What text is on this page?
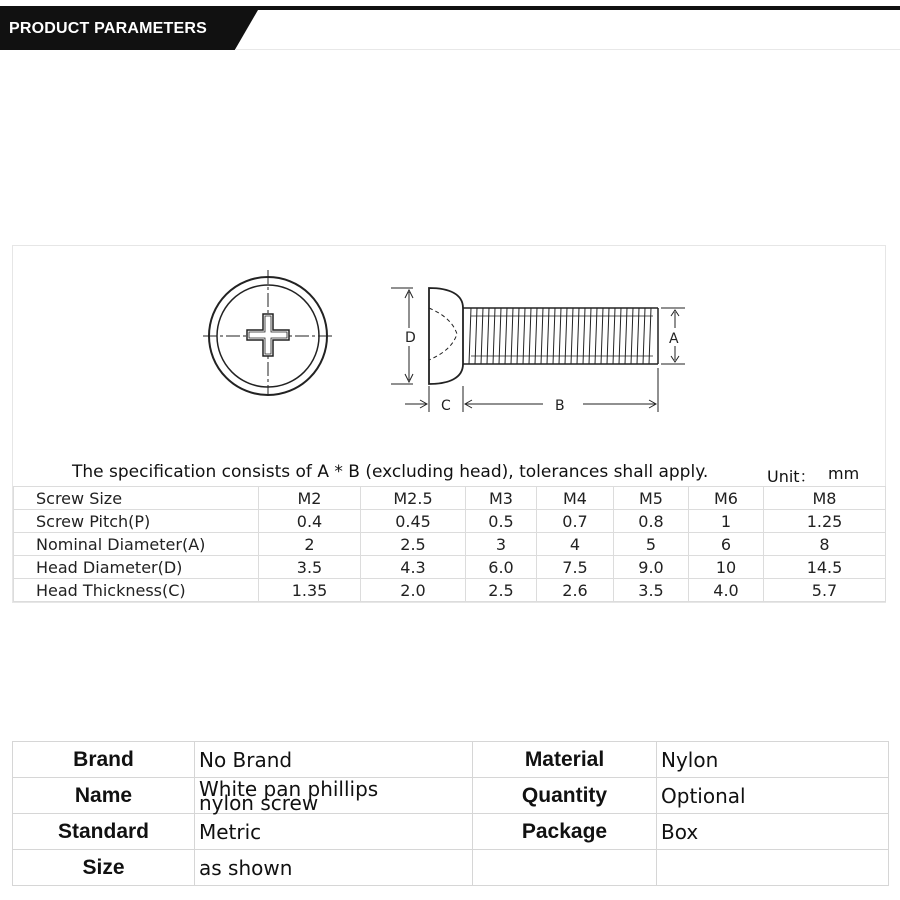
PRODUCT PARAMETERS
D	A
C	B
The specification consists of A * B (excluding head), tolerances shall apply.	Unit： mm
Screw Size	M2	M2.5	M3	M4	M5	M6	M8
Screw Pitch(P)	0.4	0.45	0.5	0.7	0.8	1	1.25
Nominal Diameter(A)	2	2.5	3	4	5	6	8
Head Diameter(D)	3.5	4.3	6.0	7.5	9.0	10	14.5
Head Thickness(C)	1.35	2.0	2.5	2.6	3.5	4.0	5.7
Brand	No Brand	Material	Nylon
Name	White pan phillips nylon screw	Quantity	Optional
Standard	Metric	Package	Box
Size	as shown		
